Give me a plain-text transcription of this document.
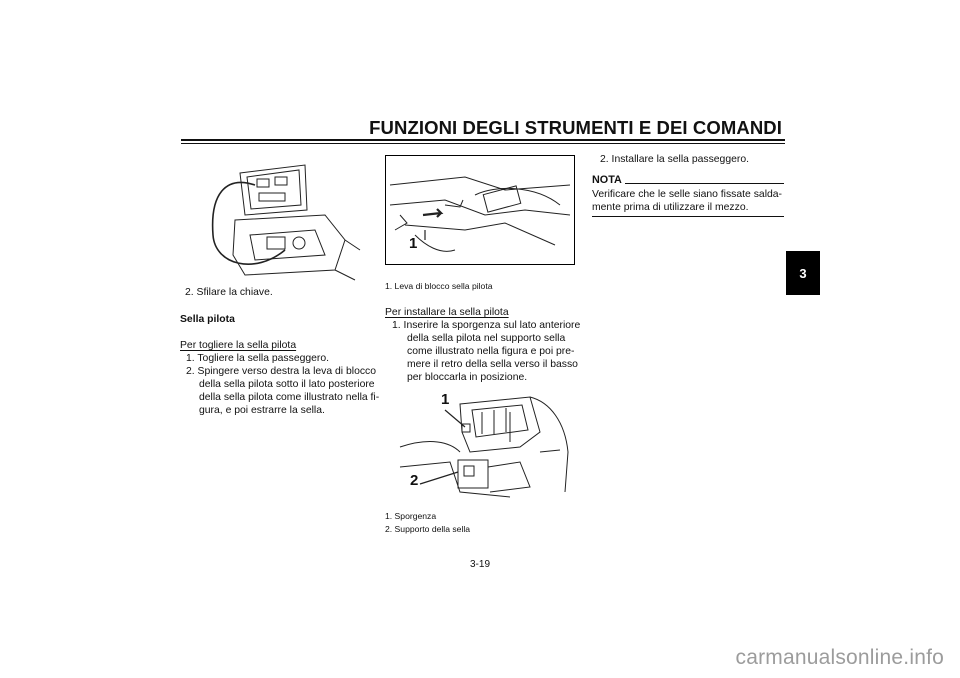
FUNZIONI DEGLI STRUMENTI E DEI COMANDI
3
2. Sfilare la chiave.
Sella pilota
Per togliere la sella pilota
1. Togliere la sella passeggero.
2. Spingere verso destra la leva di blocco
della sella pilota sotto il lato posteriore
della sella pilota come illustrato nella fi-
gura, e poi estrarre la sella.
1
1. Leva di blocco sella pilota
Per installare la sella pilota
1. Inserire la sporgenza sul lato anteriore
della sella pilota nel supporto sella
come illustrato nella figura e poi pre-
mere il retro della sella verso il basso
per bloccarla in posizione.
1
2
1. Sporgenza
2. Supporto della sella
2. Installare la sella passeggero.
NOTA
Verificare che le selle siano fissate salda-
mente prima di utilizzare il mezzo.
3-19
carmanualsonline.info
